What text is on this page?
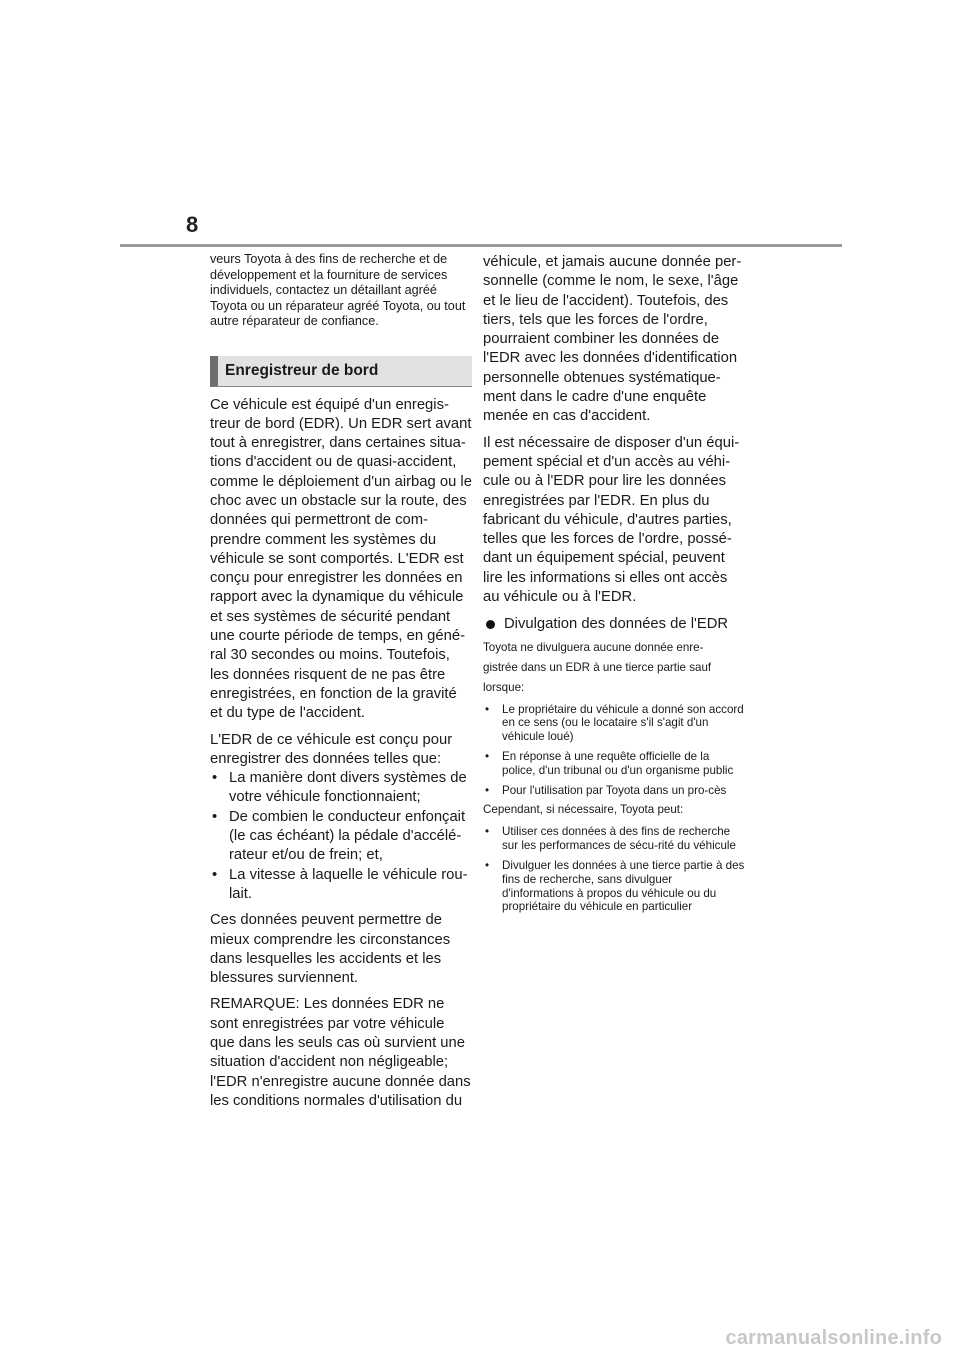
8

veurs Toyota à des fins de recherche et de développement et la fourniture de services individuels, contactez un détaillant agréé Toyota ou un réparateur agréé Toyota, ou tout autre réparateur de confiance.

Enregistreur de bord

Ce véhicule est équipé d'un enregis-treur de bord (EDR). Un EDR sert avant tout à enregistrer, dans certaines situa-tions d'accident ou de quasi-accident, comme le déploiement d'un airbag ou le choc avec un obstacle sur la route, des données qui permettront de com-prendre comment les systèmes du véhicule se sont comportés. L'EDR est conçu pour enregistrer les données en rapport avec la dynamique du véhicule et ses systèmes de sécurité pendant une courte période de temps, en géné-ral 30 secondes ou moins. Toutefois, les données risquent de ne pas être enregistrées, en fonction de la gravité et du type de l'accident.

L'EDR de ce véhicule est conçu pour enregistrer des données telles que:

• La manière dont divers systèmes de votre véhicule fonctionnaient;
• De combien le conducteur enfonçait (le cas échéant) la pédale d'accélé-rateur et/ou de frein; et,
• La vitesse à laquelle le véhicule rou-lait.

Ces données peuvent permettre de mieux comprendre les circonstances dans lesquelles les accidents et les blessures surviennent.

REMARQUE: Les données EDR ne sont enregistrées par votre véhicule que dans les seuls cas où survient une situation d'accident non négligeable; l'EDR n'enregistre aucune donnée dans les conditions normales d'utilisation du

véhicule, et jamais aucune donnée per-sonnelle (comme le nom, le sexe, l'âge et le lieu de l'accident). Toutefois, des tiers, tels que les forces de l'ordre, pourraient combiner les données de l'EDR avec les données d'identification personnelle obtenues systématique-ment dans le cadre d'une enquête menée en cas d'accident.

Il est nécessaire de disposer d'un équi-pement spécial et d'un accès au véhi-cule ou à l'EDR pour lire les données enregistrées par l'EDR. En plus du fabricant du véhicule, d'autres parties, telles que les forces de l'ordre, possé-dant un équipement spécial, peuvent lire les informations si elles ont accès au véhicule ou à l'EDR.

Divulgation des données de l'EDR

Toyota ne divulguera aucune donnée enre-

gistrée dans un EDR à une tierce partie sauf

lorsque:

• Le propriétaire du véhicule a donné son accord en ce sens (ou le locataire s'il s'agit d'un véhicule loué)
• En réponse à une requête officielle de la police, d'un tribunal ou d'un organisme public
• Pour l'utilisation par Toyota dans un pro-cès

Cependant, si nécessaire, Toyota peut:

• Utiliser ces données à des fins de recherche sur les performances de sécu-rité du véhicule
• Divulguer les données à une tierce partie à des fins de recherche, sans divulguer d'informations à propos du véhicule ou du propriétaire du véhicule en particulier
carmanualsonline.info
